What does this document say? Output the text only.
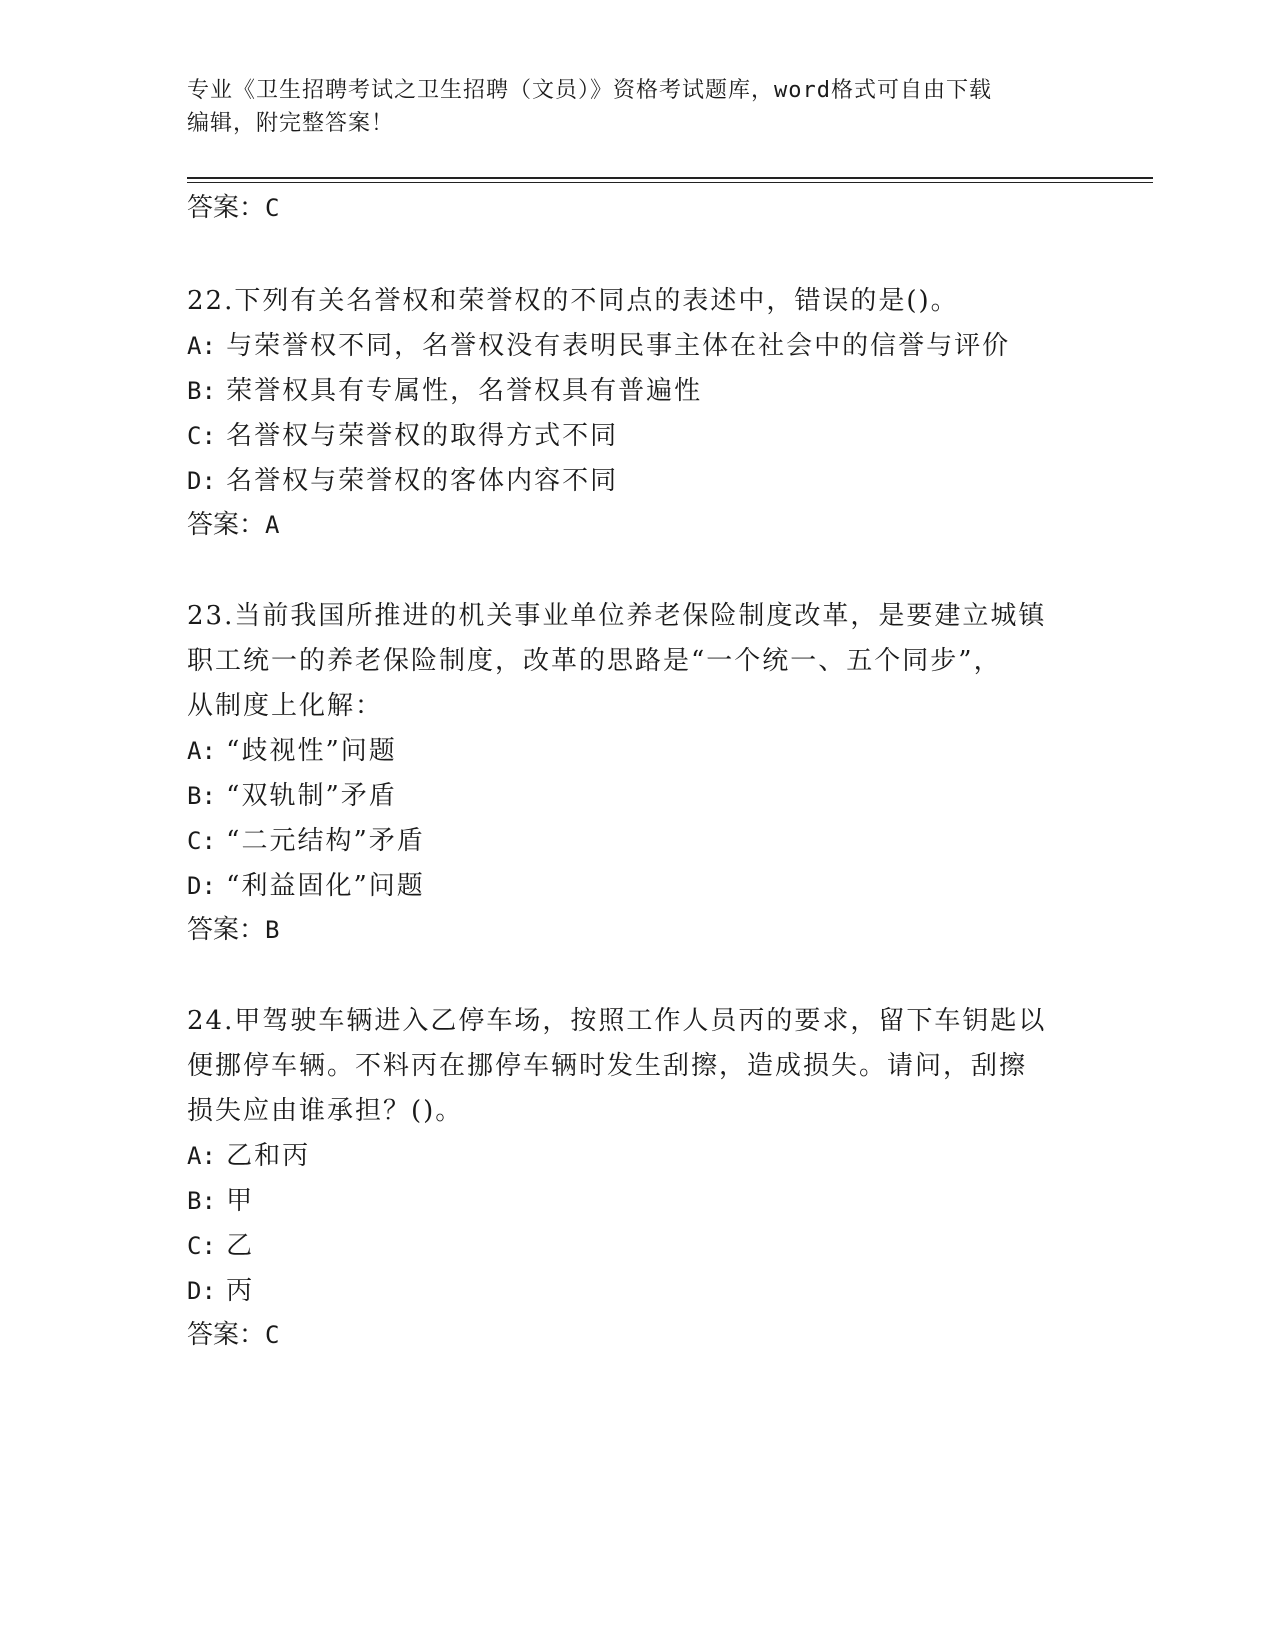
专业《卫生招聘考试之卫生招聘（文员）》资格考试题库，word格式可自由下载
编辑，附完整答案！
答案：C
22.下列有关名誉权和荣誉权的不同点的表述中，错误的是()。
A: 与荣誉权不同，名誉权没有表明民事主体在社会中的信誉与评价
B: 荣誉权具有专属性，名誉权具有普遍性
C: 名誉权与荣誉权的取得方式不同
D: 名誉权与荣誉权的客体内容不同
答案：A
23.当前我国所推进的机关事业单位养老保险制度改革，是要建立城镇
职工统一的养老保险制度，改革的思路是“一个统一、五个同步”，
从制度上化解：
A: “歧视性”问题
B: “双轨制”矛盾
C: “二元结构”矛盾
D: “利益固化”问题
答案：B
24.甲驾驶车辆进入乙停车场，按照工作人员丙的要求，留下车钥匙以
便挪停车辆。不料丙在挪停车辆时发生刮擦，造成损失。请问，刮擦
损失应由谁承担？()。
A: 乙和丙
B: 甲
C: 乙
D: 丙
答案：C
